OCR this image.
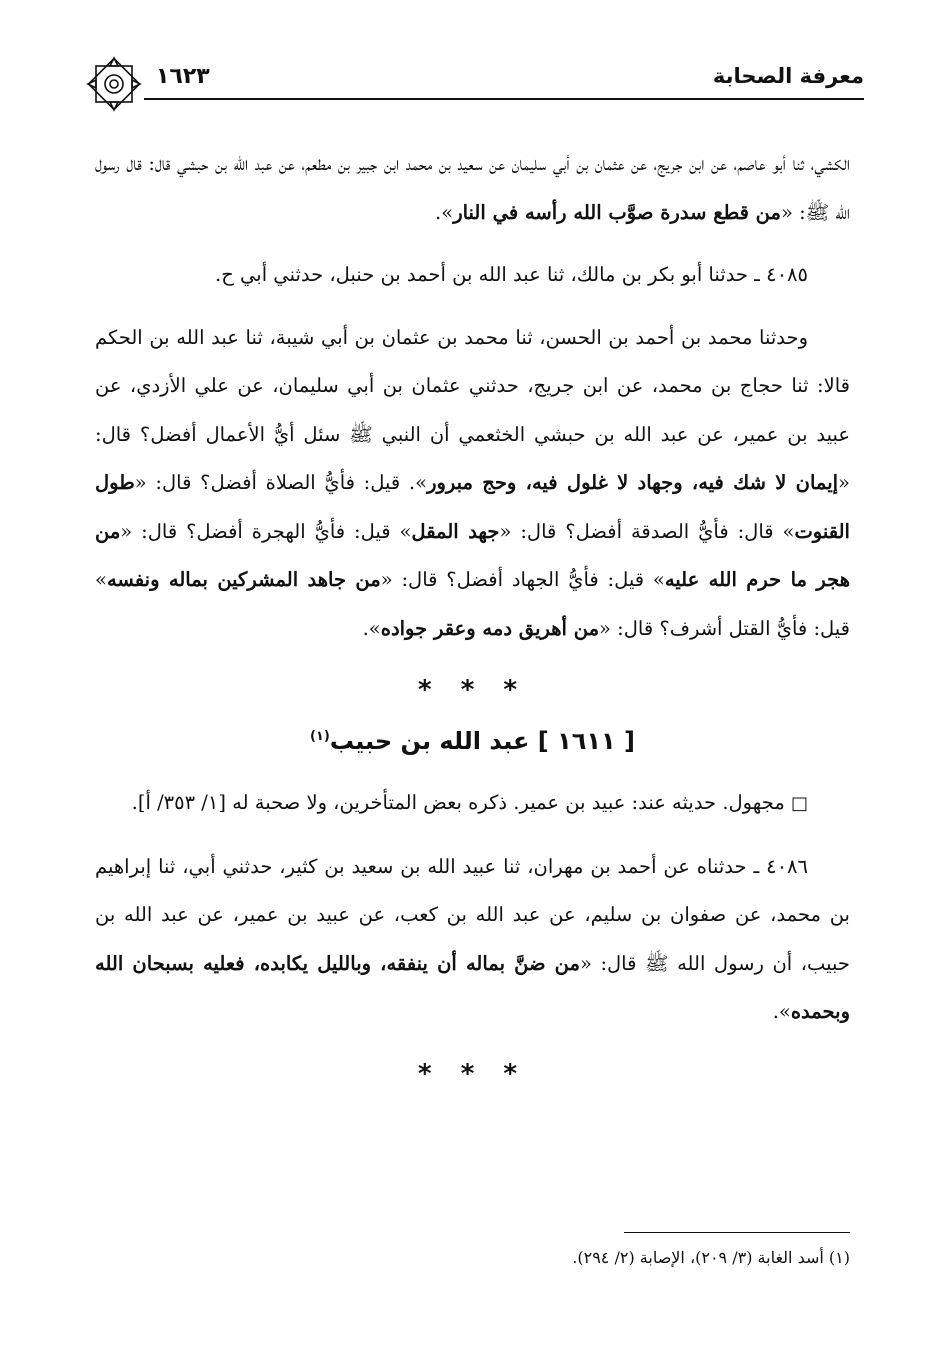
١٦٢٣	معرفة الصحابة

الكشي، ثنا أبو عاصم، عن ابن جريج، عن عثمان بن أبي سليمان عن سعيد بن محمد ابن جبير بن مطعم، عن عبد الله بن حبشي قال: قال رسول الله ﷺ: «من قطع سدرة صوَّب الله رأسه في النار».

٤٠٨٥ ـ حدثنا أبو بكر بن مالك، ثنا عبد الله بن أحمد بن حنبل، حدثني أبي ح.

وحدثنا محمد بن أحمد بن الحسن، ثنا محمد بن عثمان بن أبي شيبة، ثنا عبد الله بن الحكم قالا: ثنا حجاج بن محمد، عن ابن جريج، حدثني عثمان بن أبي سليمان، عن علي الأزدي، عن عبيد بن عمير، عن عبد الله بن حبشي الخثعمي أن النبي ﷺ سئل أيُّ الأعمال أفضل؟ قال: «إيمان لا شك فيه، وجهاد لا غلول فيه، وحج مبرور». قيل: فأيُّ الصلاة أفضل؟ قال: «طول القنوت» قال: فأيُّ الصدقة أفضل؟ قال: «جهد المقل» قيل: فأيُّ الهجرة أفضل؟ قال: «من هجر ما حرم الله عليه» قيل: فأيُّ الجهاد أفضل؟ قال: «من جاهد المشركين بماله ونفسه» قيل: فأيُّ القتل أشرف؟ قال: «من أهريق دمه وعقر جواده».

* * *

[ ١٦١١ ] عبد الله بن حبيب$^{(١)}$

□ مجهول. حديثه عند: عبيد بن عمير. ذكره بعض المتأخرين، ولا صحبة له [١/ ٣٥٣/ أ].

٤٠٨٦ ـ حدثناه عن أحمد بن مهران، ثنا عبيد الله بن سعيد بن كثير، حدثني أبي، ثنا إبراهيم بن محمد، عن صفوان بن سليم، عن عبد الله بن كعب، عن عبيد بن عمير، عن عبد الله بن حبيب، أن رسول الله ﷺ قال: «من ضنَّ بماله أن ينفقه، وبالليل يكابده، فعليه بسبحان الله وبحمده».

* * *

(١) أسد الغابة (٣/ ٢٠٩)، الإصابة (٢/ ٢٩٤).
